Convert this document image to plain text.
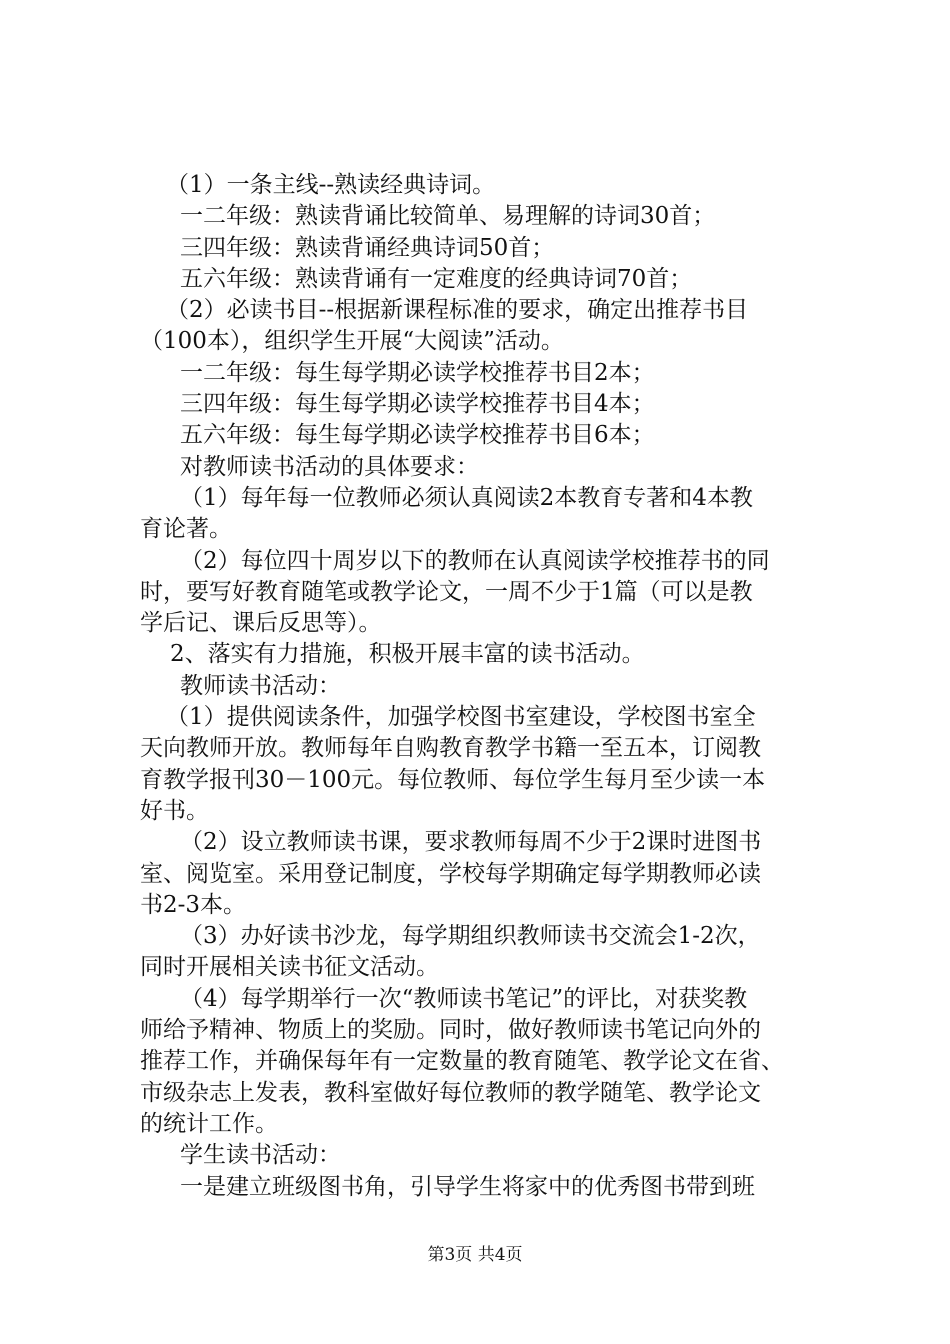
（1）一条主线--熟读经典诗词。
一二年级：熟读背诵比较简单、易理解的诗词30首；
三四年级：熟读背诵经典诗词50首；
五六年级：熟读背诵有一定难度的经典诗词70首；
（2）必读书目--根据新课程标准的要求，确定出推荐书目
（100本），组织学生开展“大阅读”活动。
一二年级：每生每学期必读学校推荐书目2本；
三四年级：每生每学期必读学校推荐书目4本；
五六年级：每生每学期必读学校推荐书目6本；
对教师读书活动的具体要求：
（1）每年每一位教师必须认真阅读2本教育专著和4本教
育论著。
（2）每位四十周岁以下的教师在认真阅读学校推荐书的同
时，要写好教育随笔或教学论文，一周不少于1篇（可以是教
学后记、课后反思等）。
2、落实有力措施，积极开展丰富的读书活动。
教师读书活动：
（1）提供阅读条件，加强学校图书室建设，学校图书室全
天向教师开放。教师每年自购教育教学书籍一至五本，订阅教
育教学报刊30－100元。每位教师、每位学生每月至少读一本
好书。
（2）设立教师读书课，要求教师每周不少于2课时进图书
室、阅览室。采用登记制度，学校每学期确定每学期教师必读
书2-3本。
（3）办好读书沙龙，每学期组织教师读书交流会1-2次，
同时开展相关读书征文活动。
（4）每学期举行一次“教师读书笔记”的评比，对获奖教
师给予精神、物质上的奖励。同时，做好教师读书笔记向外的
推荐工作，并确保每年有一定数量的教育随笔、教学论文在省、
市级杂志上发表，教科室做好每位教师的教学随笔、教学论文
的统计工作。
学生读书活动：
一是建立班级图书角，引导学生将家中的优秀图书带到班
第3页 共4页
